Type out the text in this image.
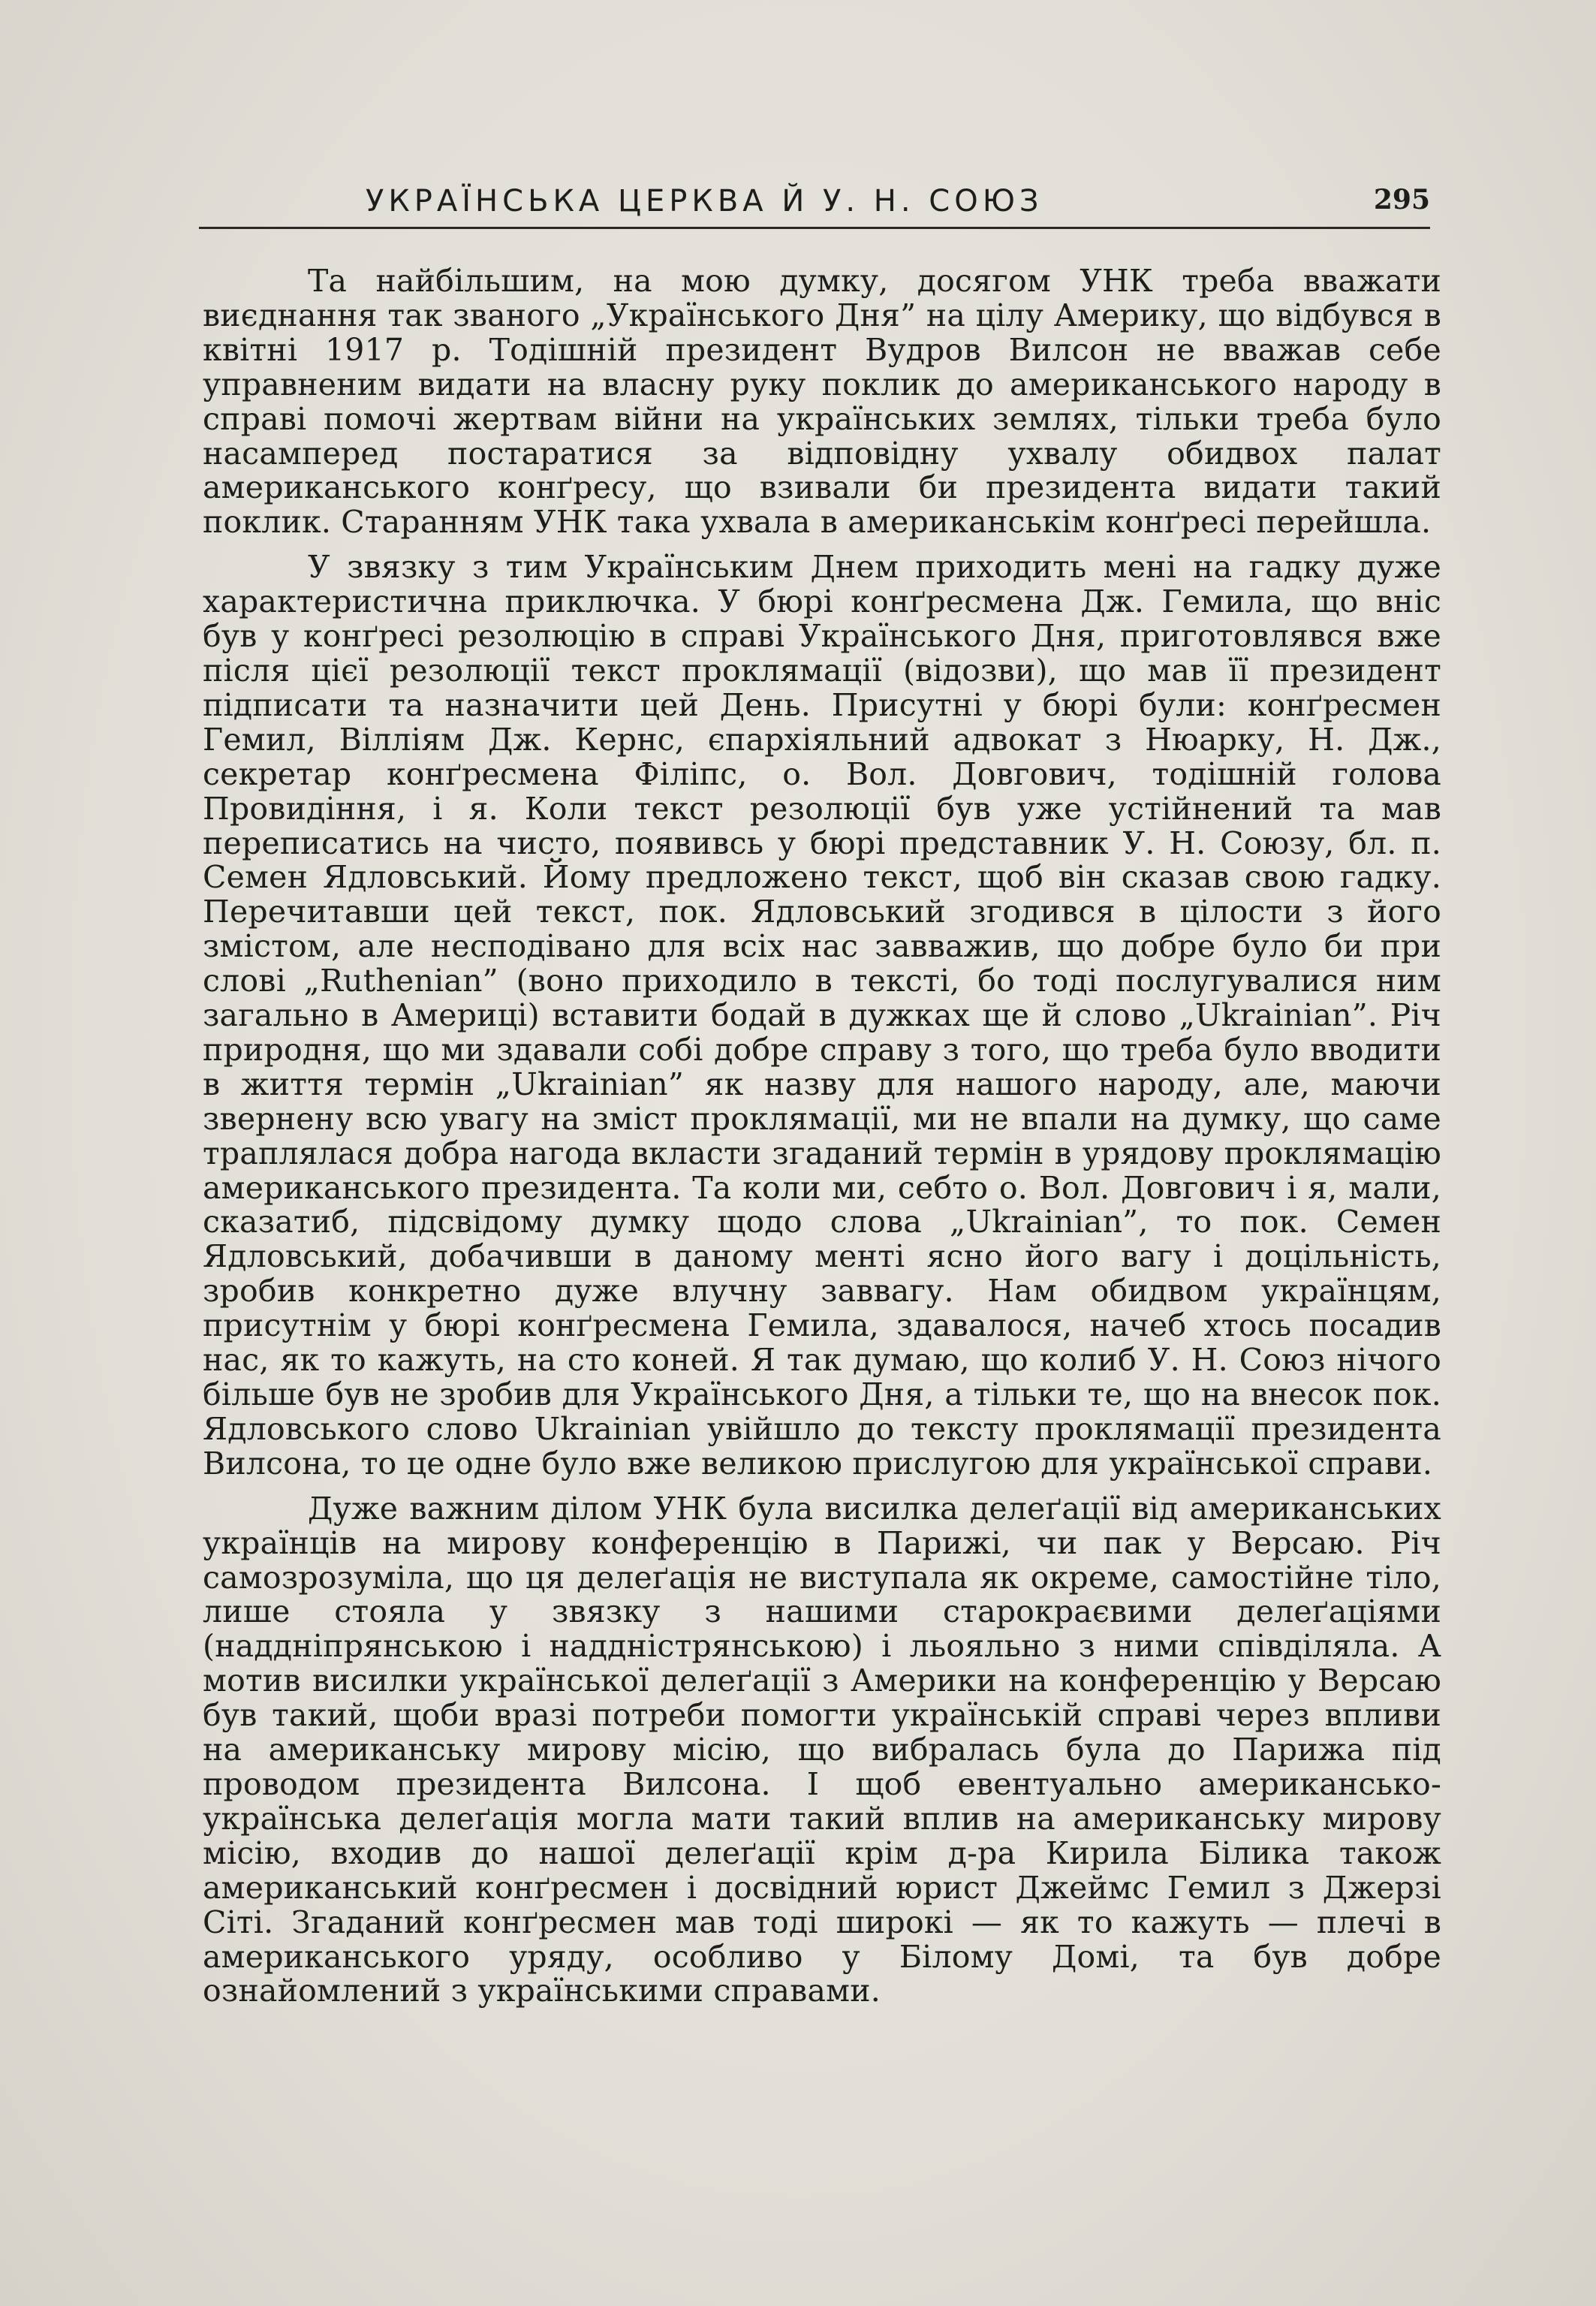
УКРАЇНСЬКА ЦЕРКВА Й У. Н. СОЮЗ	295

Та найбільшим, на мою думку, досягом УНК треба вважати виєднання так званого „Українського Дня” на цілу Америку, що відбувся в квітні 1917 р. Тодішній президент Вудров Вилсон не вважав себе управненим видати на власну руку поклик до американського народу в справі помочі жертвам війни на українських землях, тільки треба було насамперед постаратися за відповідну ухвалу обидвох палат американського конґресу, що взивали би президента видати такий поклик. Старанням УНК така ухвала в американськім конґресі перейшла.

У звязку з тим Українським Днем приходить мені на гадку дуже характеристична приключка. У бюрі конґресмена Дж. Гемила, що вніс був у конґресі резолюцію в справі Українського Дня, приготовлявся вже після цієї резолюції текст проклямації (відозви), що мав її президент підписати та назначити цей День. Присутні у бюрі були: конґресмен Гемил, Вілліям Дж. Кернс, єпархіяльний адвокат з Нюарку, Н. Дж., секретар конґресмена Філіпс, о. Вол. Довгович, тодішній голова Провидіння, і я. Коли текст резолюції був уже устійнений та мав переписатись на чисто, появивсь у бюрі представник У. Н. Союзу, бл. п. Семен Ядловський. Йому предложено текст, щоб він сказав свою гадку. Перечитавши цей текст, пок. Ядловський згодився в цілости з його змістом, але несподівано для всіх нас завважив, що добре було би при слові „Ruthenian” (воно приходило в тексті, бо тоді послугувалися ним загально в Америці) вставити бодай в дужках ще й слово „Ukrainian”. Річ природня, що ми здавали собі добре справу з того, що треба було вводити в життя термін „Ukrainian” як назву для нашого народу, але, маючи звернену всю увагу на зміст проклямації, ми не впали на думку, що саме траплялася добра нагода вкласти згаданий термін в урядову проклямацію американського президента. Та коли ми, себто о. Вол. Довгович і я, мали, сказатиб, підсвідому думку щодо слова „Ukrainian”, то пок. Семен Ядловський, добачивши в даному менті ясно його вагу і доцільність, зробив конкретно дуже влучну заввагу. Нам обидвом українцям, присутнім у бюрі конґресмена Гемила, здавалося, начеб хтось посадив нас, як то кажуть, на сто коней. Я так думаю, що колиб У. Н. Союз нічого більше був не зробив для Українського Дня, а тільки те, що на внесок пок. Ядловського слово Ukrainian увійшло до тексту проклямації президента Вилсона, то це одне було вже великою прислугою для української справи.

Дуже важним ділом УНК була висилка делеґації від американських українців на мирову конференцію в Парижі, чи пак у Версаю. Річ самозрозуміла, що ця делеґація не виступала як окреме, самостійне тіло, лише стояла у звязку з нашими старокраєвими делеґаціями (наддніпрянською і наддністрянською) і льояльно з ними співділяла. А мотив висилки української делеґації з Америки на конференцію у Версаю був такий, щоби вразі потреби помогти українській справі через впливи на американську мирову місію, що вибралась була до Парижа під проводом президента Вилсона. І щоб евентуально американсько-українська делеґація могла мати такий вплив на американську мирову місію, входив до нашої делеґації крім д-ра Кирила Білика також американський конґресмен і досвідний юрист Джеймс Гемил з Джерзі Сіті. Згаданий конґресмен мав тоді широкі — як то кажуть — плечі в американського уряду, особливо у Білому Домі, та був добре ознайомлений з українськими справами.
